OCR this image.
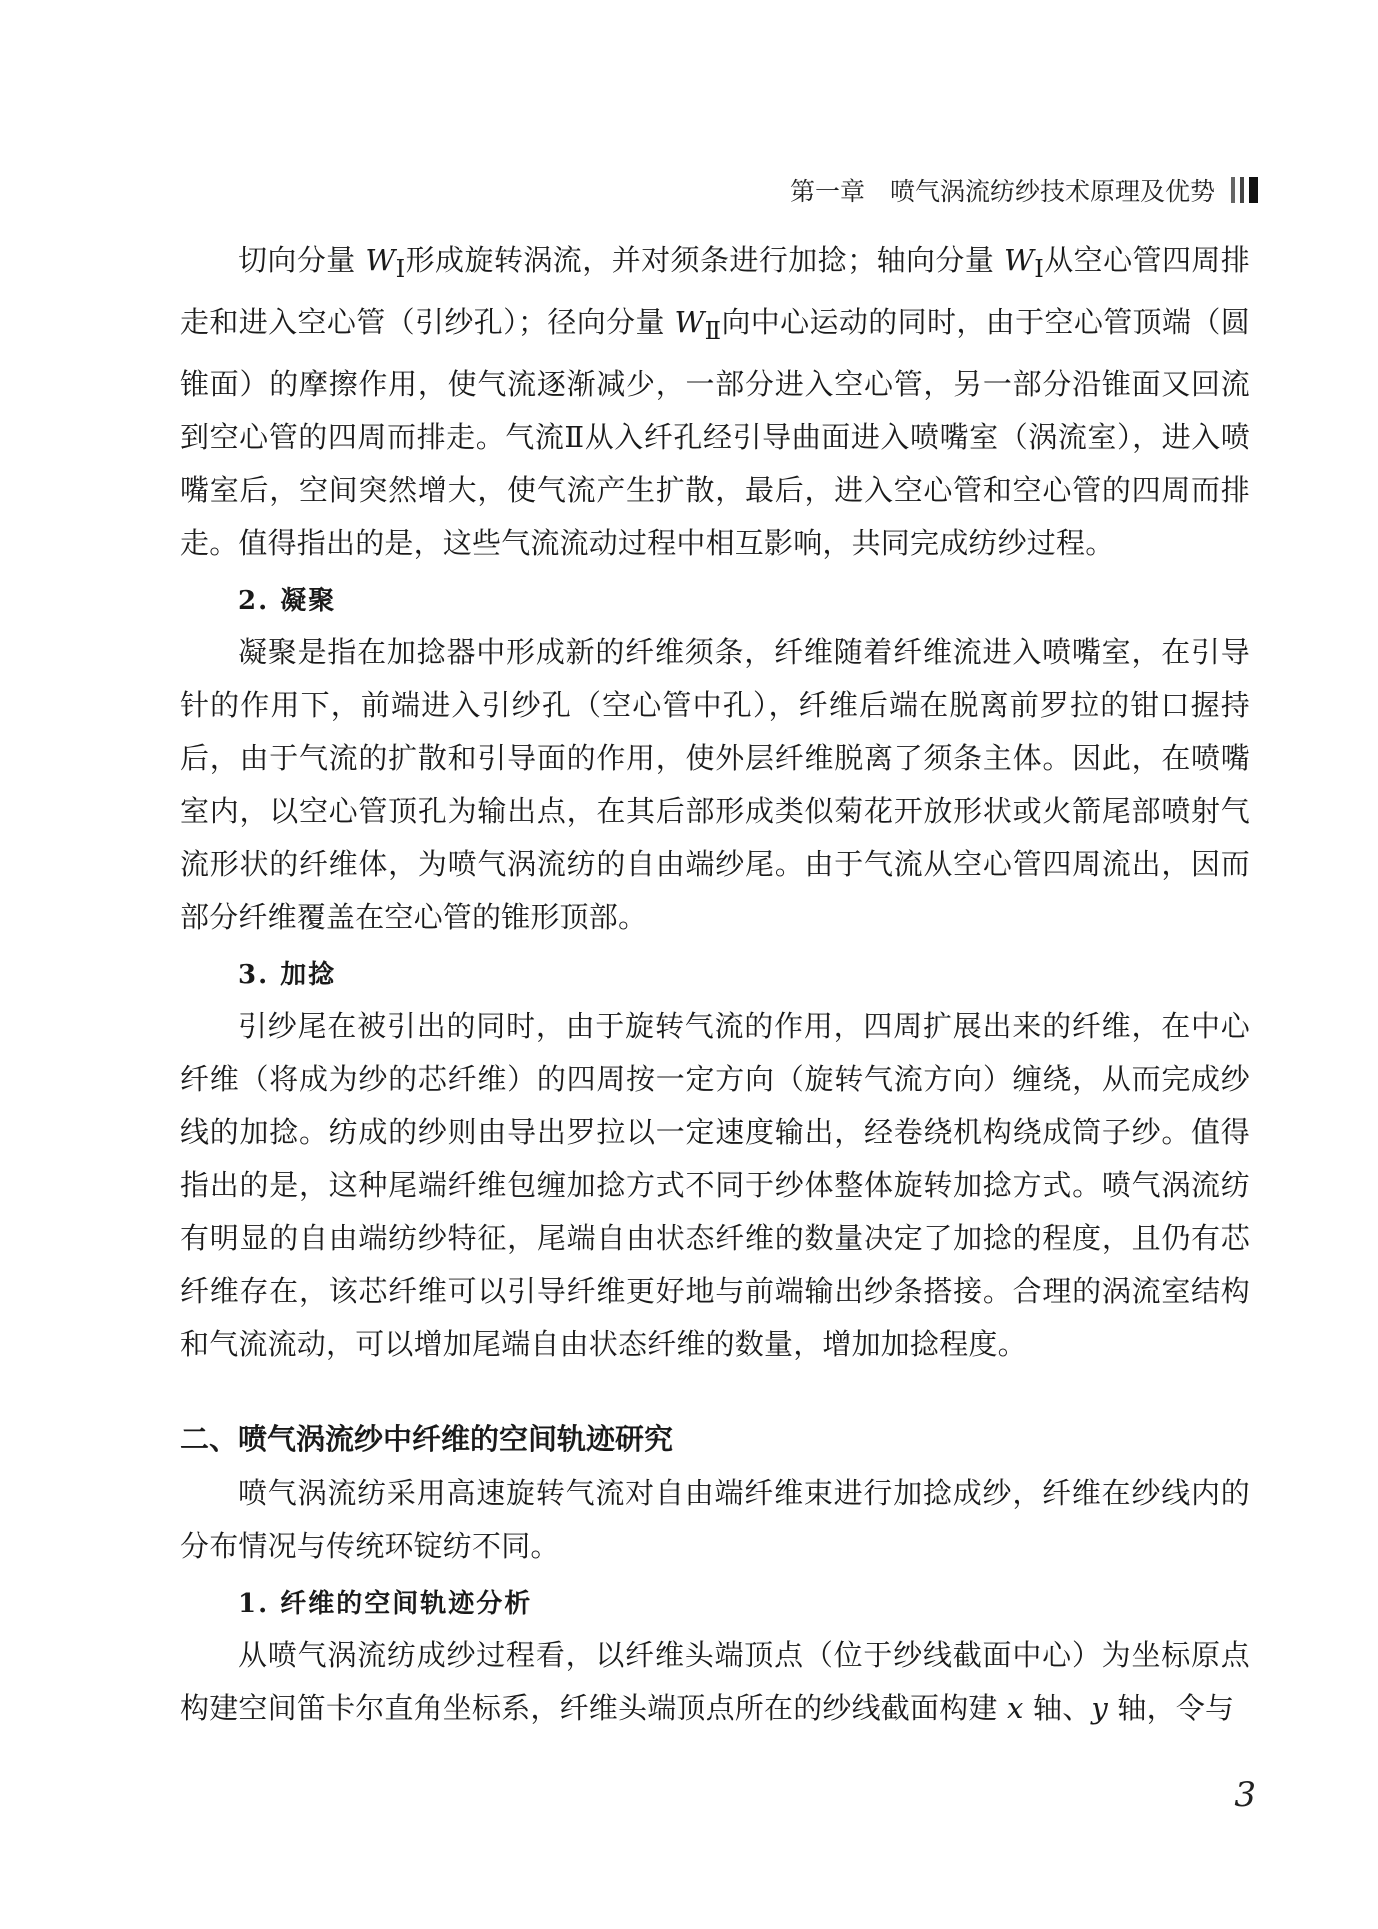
第一章　喷气涡流纺纱技术原理及优势

切向分量 $W_Ⅰ$形成旋转涡流，并对须条进行加捻；轴向分量 $W_Ⅰ$从空心管四周排走和进入空心管（引纱孔）；径向分量 $W_Ⅱ$向中心运动的同时，由于空心管顶端（圆锥面）的摩擦作用，使气流逐渐减少，一部分进入空心管，另一部分沿锥面又回流到空心管的四周而排走。气流Ⅱ从入纤孔经引导曲面进入喷嘴室（涡流室），进入喷嘴室后，空间突然增大，使气流产生扩散，最后，进入空心管和空心管的四周而排走。值得指出的是，这些气流流动过程中相互影响，共同完成纺纱过程。

2. 凝聚

凝聚是指在加捻器中形成新的纤维须条，纤维随着纤维流进入喷嘴室，在引导针的作用下，前端进入引纱孔（空心管中孔），纤维后端在脱离前罗拉的钳口握持后，由于气流的扩散和引导面的作用，使外层纤维脱离了须条主体。因此，在喷嘴室内，以空心管顶孔为输出点，在其后部形成类似菊花开放形状或火箭尾部喷射气流形状的纤维体，为喷气涡流纺的自由端纱尾。由于气流从空心管四周流出，因而部分纤维覆盖在空心管的锥形顶部。

3. 加捻

引纱尾在被引出的同时，由于旋转气流的作用，四周扩展出来的纤维，在中心纤维（将成为纱的芯纤维）的四周按一定方向（旋转气流方向）缠绕，从而完成纱线的加捻。纺成的纱则由导出罗拉以一定速度输出，经卷绕机构绕成筒子纱。值得指出的是，这种尾端纤维包缠加捻方式不同于纱体整体旋转加捻方式。喷气涡流纺有明显的自由端纺纱特征，尾端自由状态纤维的数量决定了加捻的程度，且仍有芯纤维存在，该芯纤维可以引导纤维更好地与前端输出纱条搭接。合理的涡流室结构和气流流动，可以增加尾端自由状态纤维的数量，增加加捻程度。

二、喷气涡流纱中纤维的空间轨迹研究

喷气涡流纺采用高速旋转气流对自由端纤维束进行加捻成纱，纤维在纱线内的分布情况与传统环锭纺不同。

1. 纤维的空间轨迹分析

从喷气涡流纺成纱过程看，以纤维头端顶点（位于纱线截面中心）为坐标原点构建空间笛卡尔直角坐标系，纤维头端顶点所在的纱线截面构建 x 轴、y 轴，令与

3
